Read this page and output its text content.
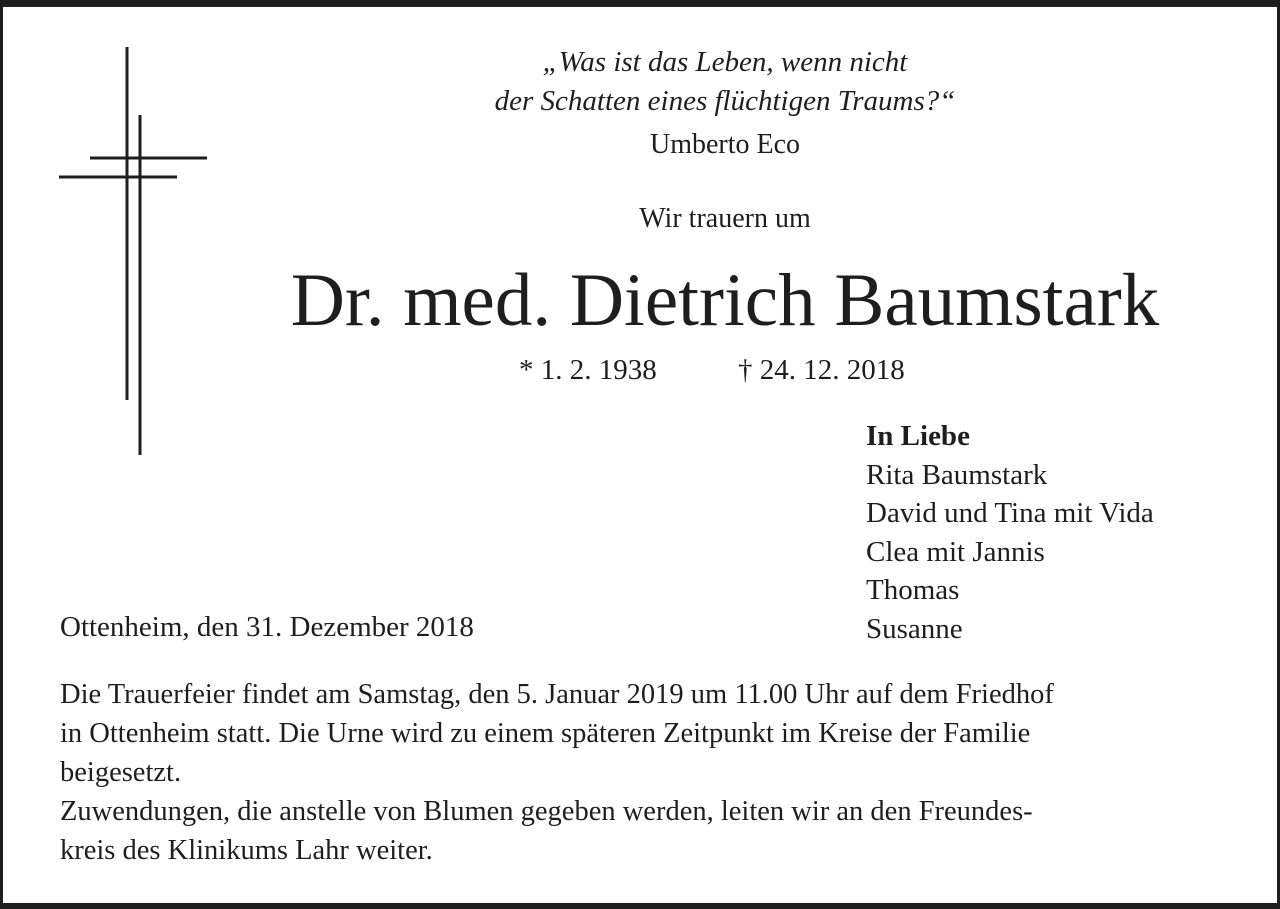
„Was ist das Leben, wenn nicht
der Schatten eines flüchtigen Traums?“
Umberto Eco
Wir trauern um
Dr. med. Dietrich Baumstark
* 1. 2. 1938	† 24. 12. 2018
In Liebe
Rita Baumstark
David und Tina mit Vida
Clea mit Jannis
Thomas
Susanne
Ottenheim, den 31. Dezember 2018

Die Trauerfeier findet am Samstag, den 5. Januar 2019 um 11.00 Uhr auf dem Friedhof
in Ottenheim statt. Die Urne wird zu einem späteren Zeitpunkt im Kreise der Familie
beigesetzt.

Zuwendungen, die anstelle von Blumen gegeben werden, leiten wir an den Freundes-
kreis des Klinikums Lahr weiter.
